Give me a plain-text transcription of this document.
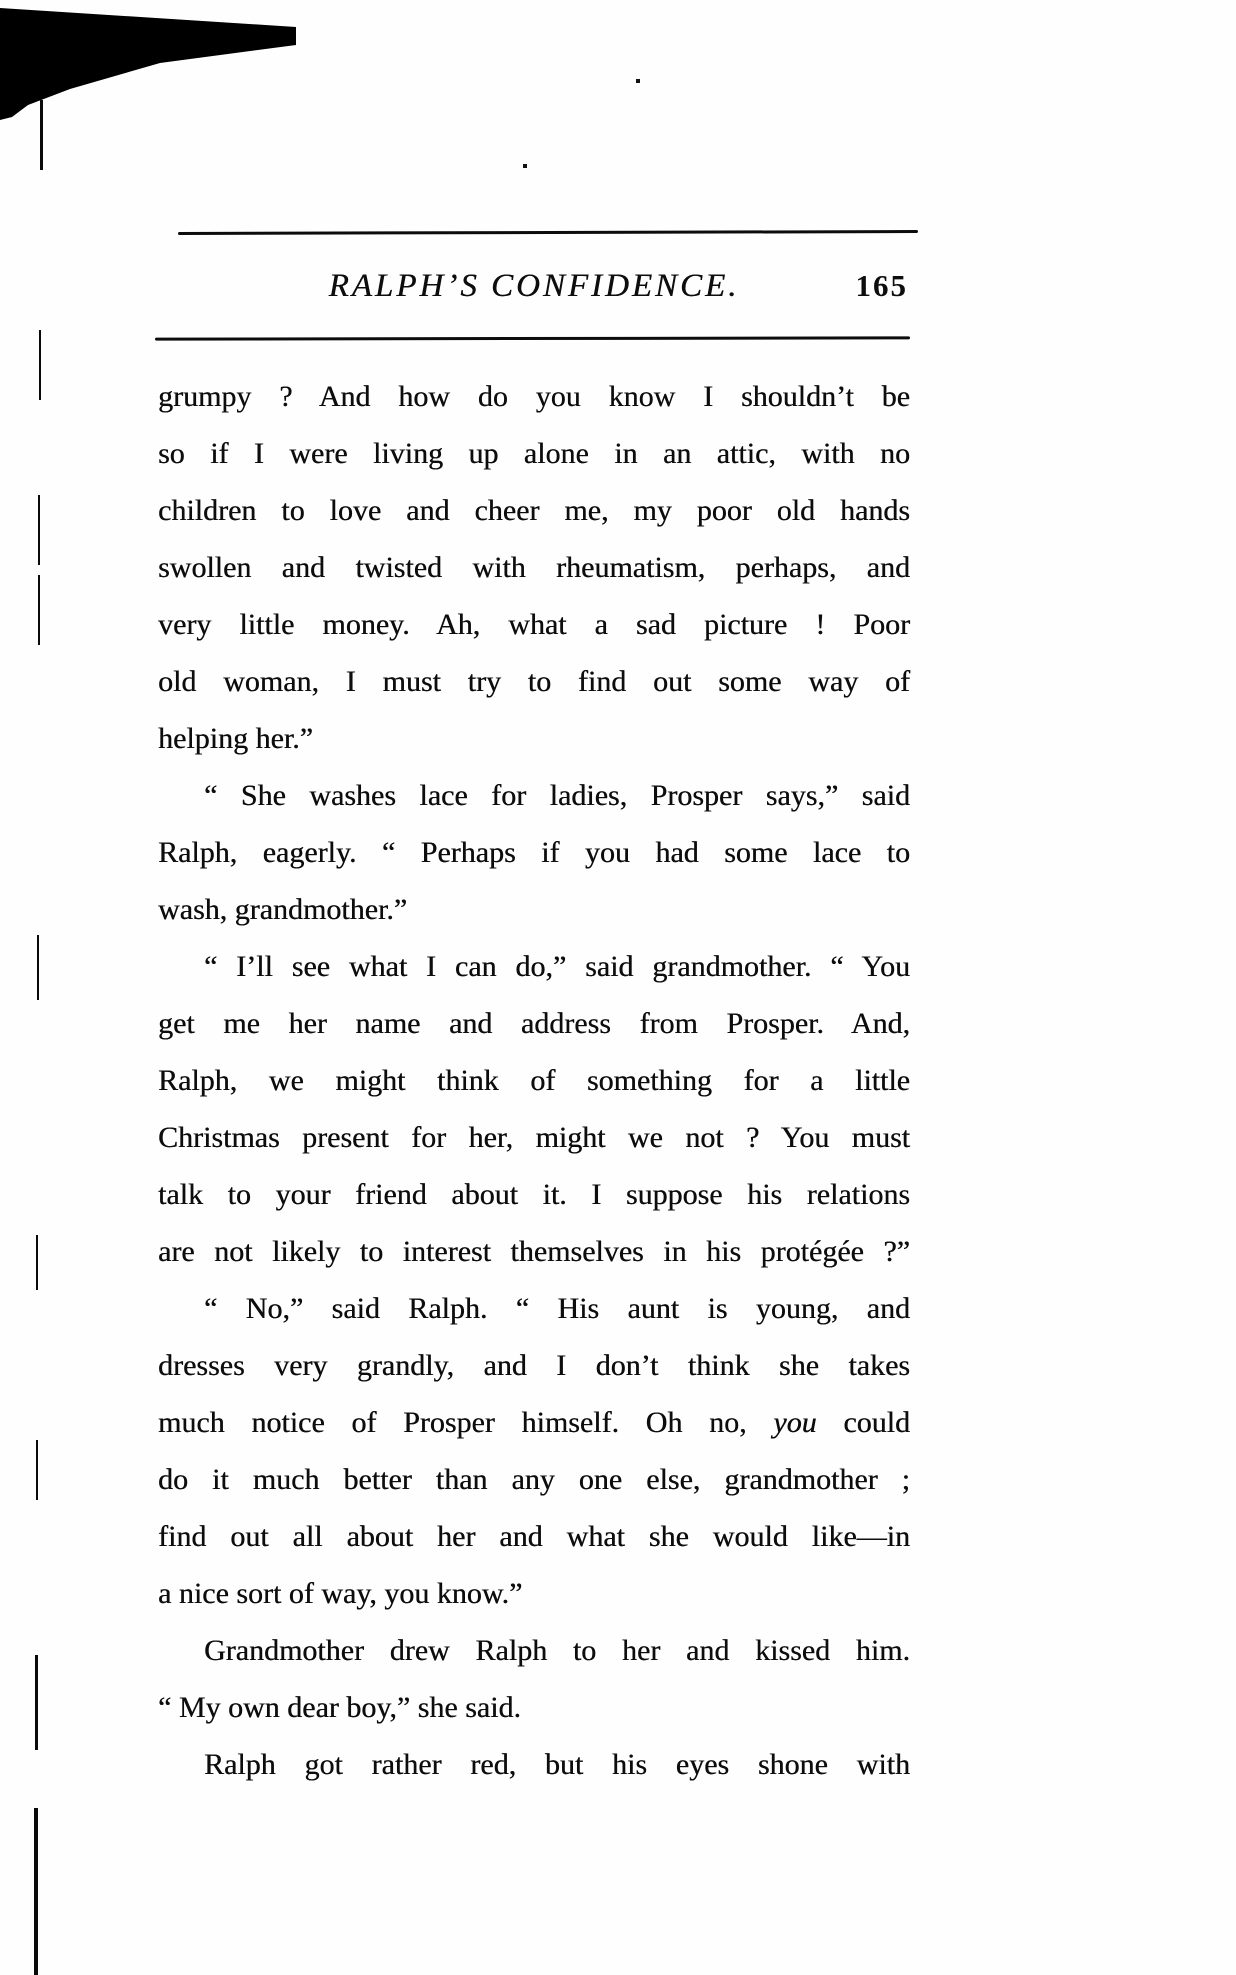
RALPH’S CONFIDENCE.	165
grumpy ? And how do you know I shouldn’t be
so if I were living up alone in an attic, with no
children to love and cheer me, my poor old hands
swollen and twisted with rheumatism, perhaps, and
very little money. Ah, what a sad picture ! Poor
old woman, I must try to find out some way of
helping her.”
“ She washes lace for ladies, Prosper says,” said
Ralph, eagerly. “ Perhaps if you had some lace to
wash, grandmother.”
“ I’ll see what I can do,” said grandmother. “ You
get me her name and address from Prosper. And,
Ralph, we might think of something for a little
Christmas present for her, might we not ? You must
talk to your friend about it. I suppose his relations
are not likely to interest themselves in his protégée ?”
“ No,” said Ralph. “ His aunt is young, and
dresses very grandly, and I don’t think she takes
much notice of Prosper himself. Oh no, you could
do it much better than any one else, grandmother ;
find out all about her and what she would like—in
a nice sort of way, you know.”
Grandmother drew Ralph to her and kissed him.
“ My own dear boy,” she said.
Ralph got rather red, but his eyes shone with
